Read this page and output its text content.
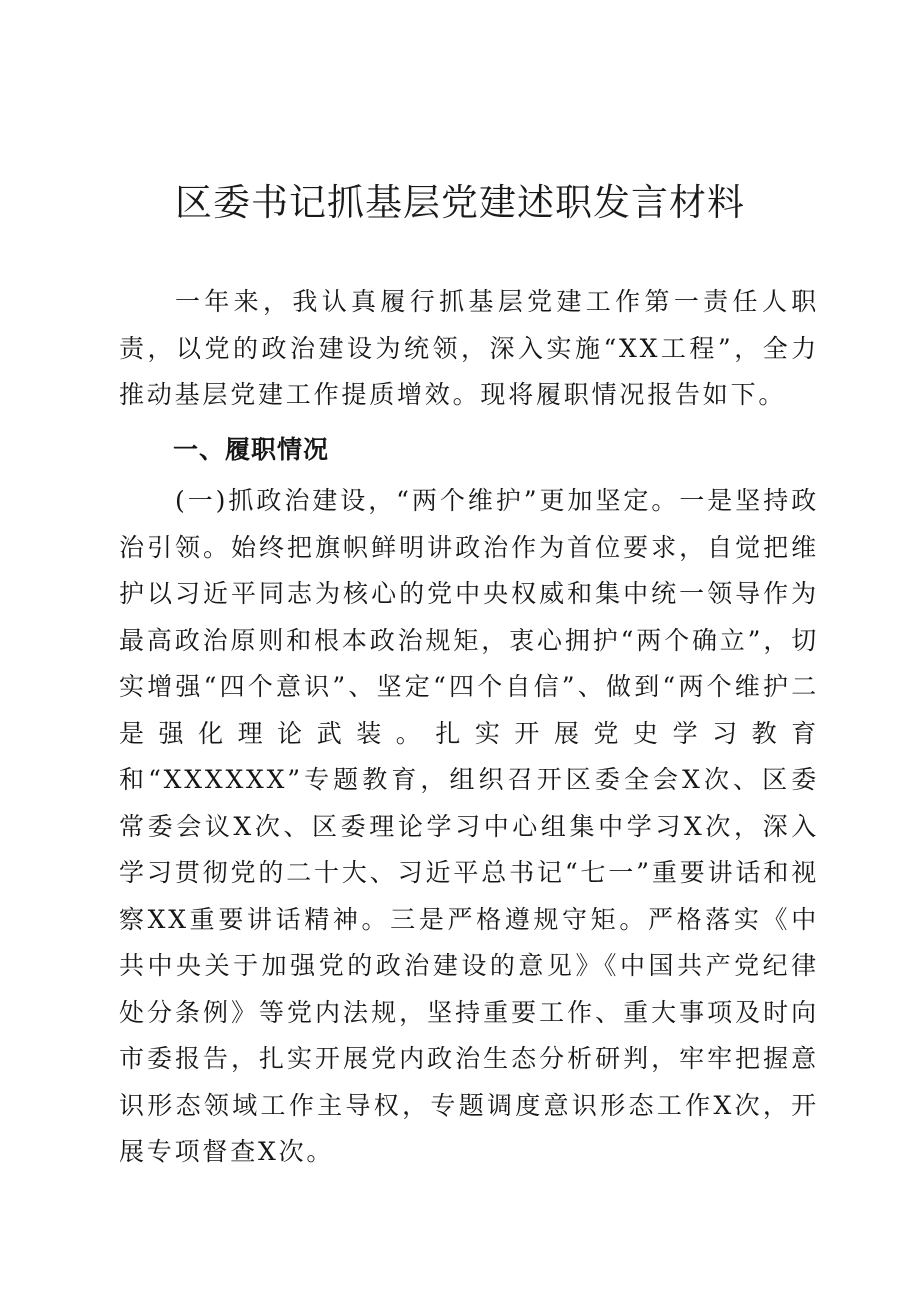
区委书记抓基层党建述职发言材料

一年来，我认真履行抓基层党建工作第一责任人职责，以党的政治建设为统领，深入实施“XX工程”，全力推动基层党建工作提质增效。现将履职情况报告如下。

一、履职情况

(一)抓政治建设，“两个维护”更加坚定。一是坚持政治引领。始终把旗帜鲜明讲政治作为首位要求，自觉把维护以习近平同志为核心的党中央权威和集中统一领导作为最高政治原则和根本政治规矩，衷心拥护“两个确立”，切实增强“四个意识”、坚定“四个自信”、做到“两个维护二是强化理论武装。扎实开展党史学习教育和“XXXXXX”专题教育，组织召开区委全会X次、区委常委会议X次、区委理论学习中心组集中学习X次，深入学习贯彻党的二十大、习近平总书记“七一”重要讲话和视察XX重要讲话精神。三是严格遵规守矩。严格落实《中共中央关于加强党的政治建设的意见》《中国共产党纪律处分条例》等党内法规，坚持重要工作、重大事项及时向市委报告，扎实开展党内政治生态分析研判，牢牢把握意识形态领域工作主导权，专题调度意识形态工作X次，开展专项督查X次。
